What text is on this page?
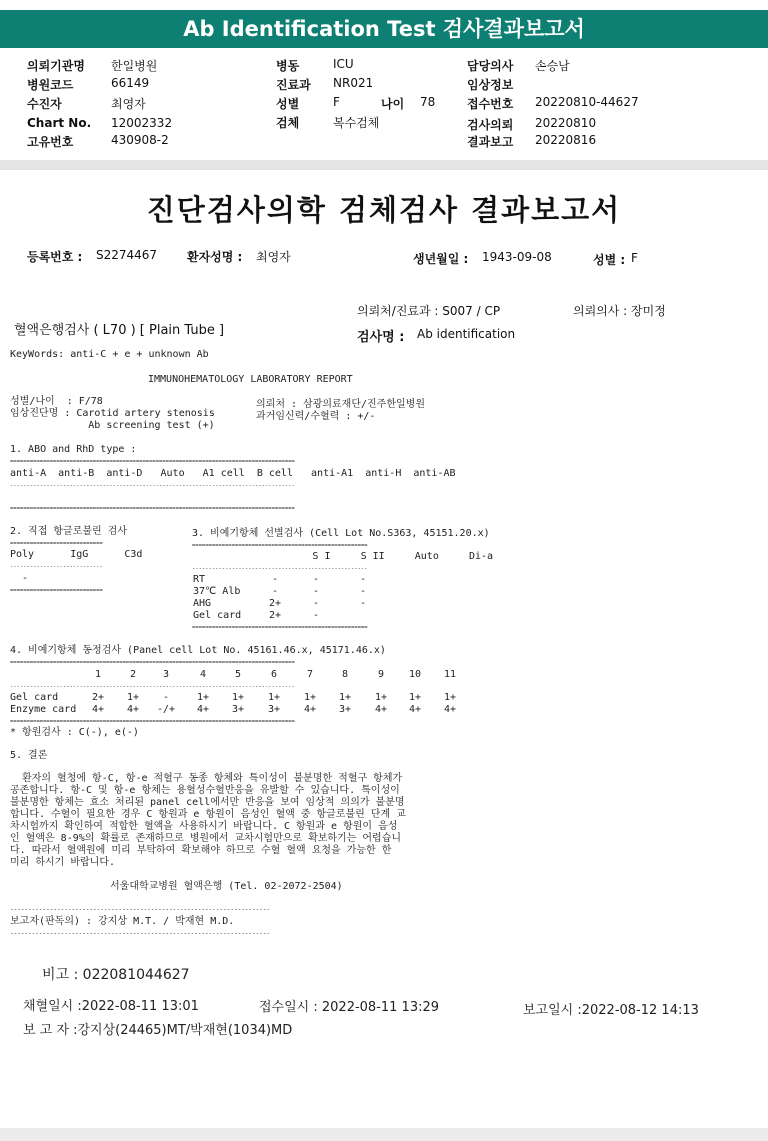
Ab Identification Test 검사결과보고서
의뢰기관명 한일병원
병원코드	66149
수진자	최영자
Chart No. 12002332
고유번호	430908-2
병동	ICU
진료과 NR021
성별	F	나이 78
검체	복수검체
담당의사 손승남
임상정보
접수번호 20220810-44627
검사의뢰 20220810
결과보고 20220816
진단검사의학 검체검사 결과보고서
등록번호 : S2274467 환자성명 : 최영자	생년월일 : 1943-09-08	성별 : F
의뢰처/진료과 : S007 / CP	의뢰의사 : 장미정
혈액은행검사 ( L70 ) [ Plain Tube ]	검사명 : Ab identification
KeyWords: anti-C + e + unknown Ab
IMMUNOHEMATOLOGY LABORATORY REPORT
성별/나이  : F/78
임상진단명 : Carotid artery stenosis
Ab screening test (+)
의뢰처 : 삼광의료재단/진주한일병원
과거임신력/수혈력 : +/-
1. ABO and RhD type :
======================================================================================
anti-A  anti-B  anti-D   Auto   A1 cell  B cell   anti-A1  anti-H  anti-AB
--------------------------------------------------------------------------------------
======================================================================================
2. 직접 항글로불린 검사
============================
Poly      IgG      C3d
----------------------------
-
============================
3. 비예기항체 선별검사 (Cell Lot No.S363, 45151.20.x)
=====================================================
S I     S II     Auto     Di-a
-----------------------------------------------------
RT	-	-	-
37℃ Alb	-	-	-
AHG	2+	-	-
Gel card	2+	-
=====================================================
4. 비예기항체 동정검사 (Panel cell Lot No. 45161.46.x, 45171.46.x)
======================================================================================
1	2	3	4	5	6	7	8	9	10	11
--------------------------------------------------------------------------------------
Gel card	2+	1+	-	1+	1+	1+	1+	1+	1+	1+	1+
Enzyme card	4+	4+	-/+	4+	3+	3+	4+	3+	4+	4+	4+
======================================================================================
* 항원검사 : C(-), e(-)
5. 결론
환자의 혈청에 항-C, 항-e 적혈구 동종 항체와 특이성이 불분명한 적혈구 항체가
공존합니다. 항-C 및 항-e 항체는 용혈성수혈반응을 유발할 수 있습니다. 특이성이
불분명한 항체는 효소 처리된 panel cell에서만 반응을 보여 임상적 의의가 불분명
합니다. 수혈이 필요한 경우 C 항원과 e 항원이 음성인 혈액 중 항글로불린 단계 교
차시험까지 확인하여 적합한 혈액을 사용하시기 바랍니다. C 항원과 e 항원이 음성
인 혈액은 8-9%의 확률로 존재하므로 병원에서 교차시험만으로 확보하기는 어렵습니
다. 따라서 혈액원에 미리 부탁하여 확보해야 하므로 수혈 혈액 요청을 가능한 한
미리 하시기 바랍니다.
서울대학교병원 혈액은행 (Tel. 02-2072-2504)
------------------------------------------------------------------------
보고자(판독의) : 강지상 M.T. / 박재현 M.D.
------------------------------------------------------------------------
비고 : 022081044627
채혈일시 :2022-08-11 13:01	접수일시 : 2022-08-11 13:29	보고일시 :2022-08-12 14:13
보 고 자 :강지상(24465)MT/박재현(1034)MD
